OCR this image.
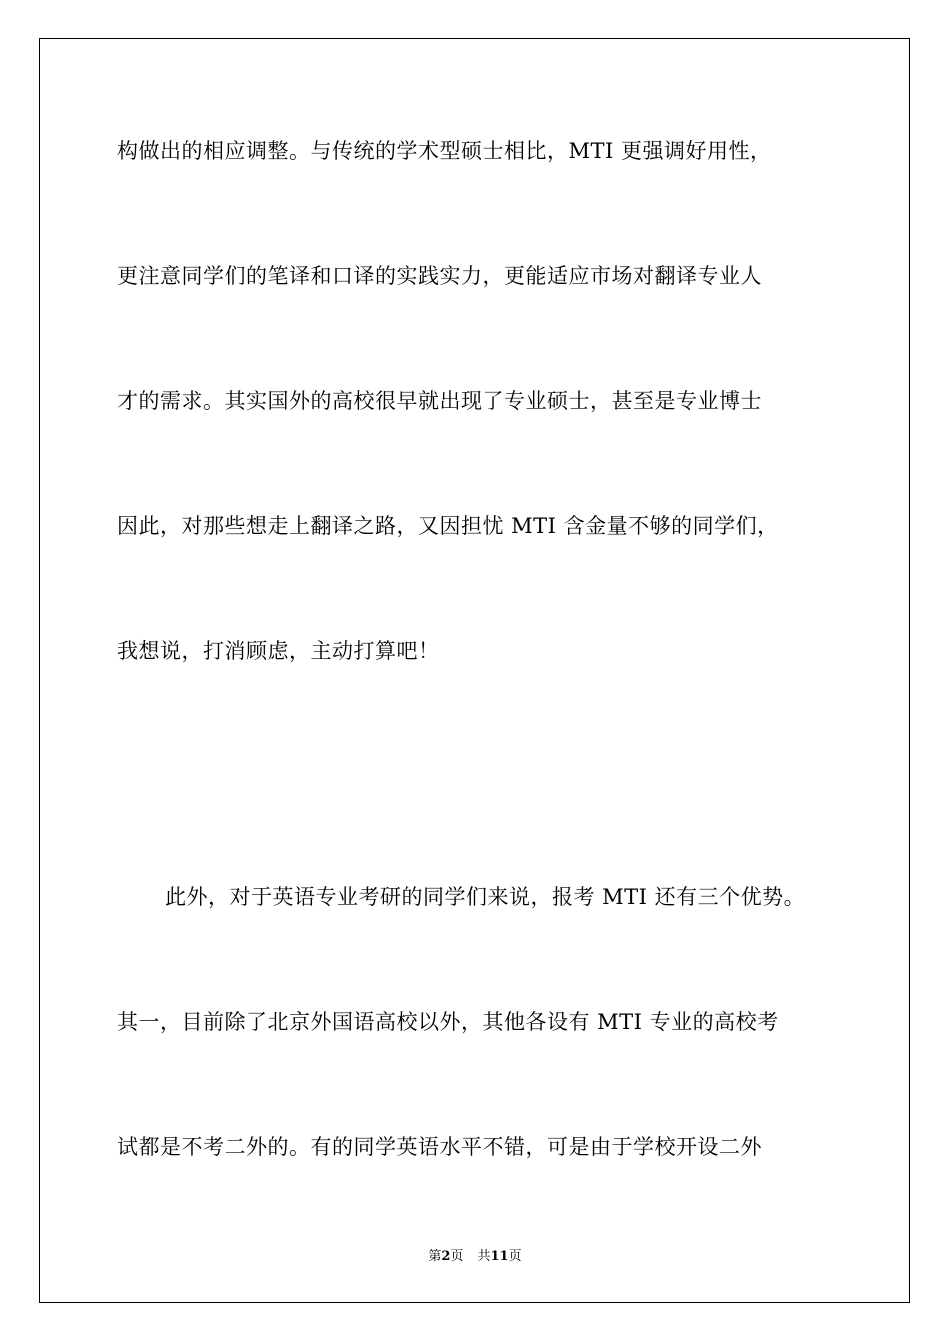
构做出的相应调整。与传统的学术型硕士相比，MTI 更强调好用性，
更注意同学们的笔译和口译的实践实力，更能适应市场对翻译专业人
才的需求。其实国外的高校很早就出现了专业硕士，甚至是专业博士
因此，对那些想走上翻译之路，又因担忧 MTI 含金量不够的同学们，
我想说，打消顾虑，主动打算吧！
此外，对于英语专业考研的同学们来说，报考 MTI 还有三个优势。
其一，目前除了北京外国语高校以外，其他各设有 MTI 专业的高校考
试都是不考二外的。有的同学英语水平不错，可是由于学校开设二外
第2页 共11页
